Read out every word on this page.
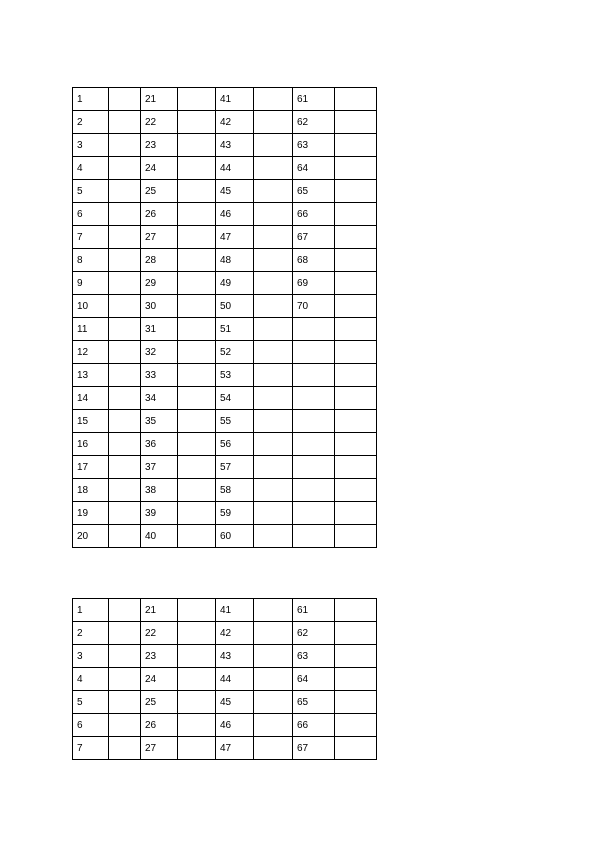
1		21		41		61	
2		22		42		62	
3		23		43		63	
4		24		44		64	
5		25		45		65	
6		26		46		66	
7		27		47		67	
8		28		48		68	
9		29		49		69	
10		30		50		70	
11		31		51			
12		32		52			
13		33		53			
14		34		54			
15		35		55			
16		36		56			
17		37		57			
18		38		58			
19		39		59			
20		40		60			
1		21		41		61	
2		22		42		62	
3		23		43		63	
4		24		44		64	
5		25		45		65	
6		26		46		66	
7		27		47		67	
